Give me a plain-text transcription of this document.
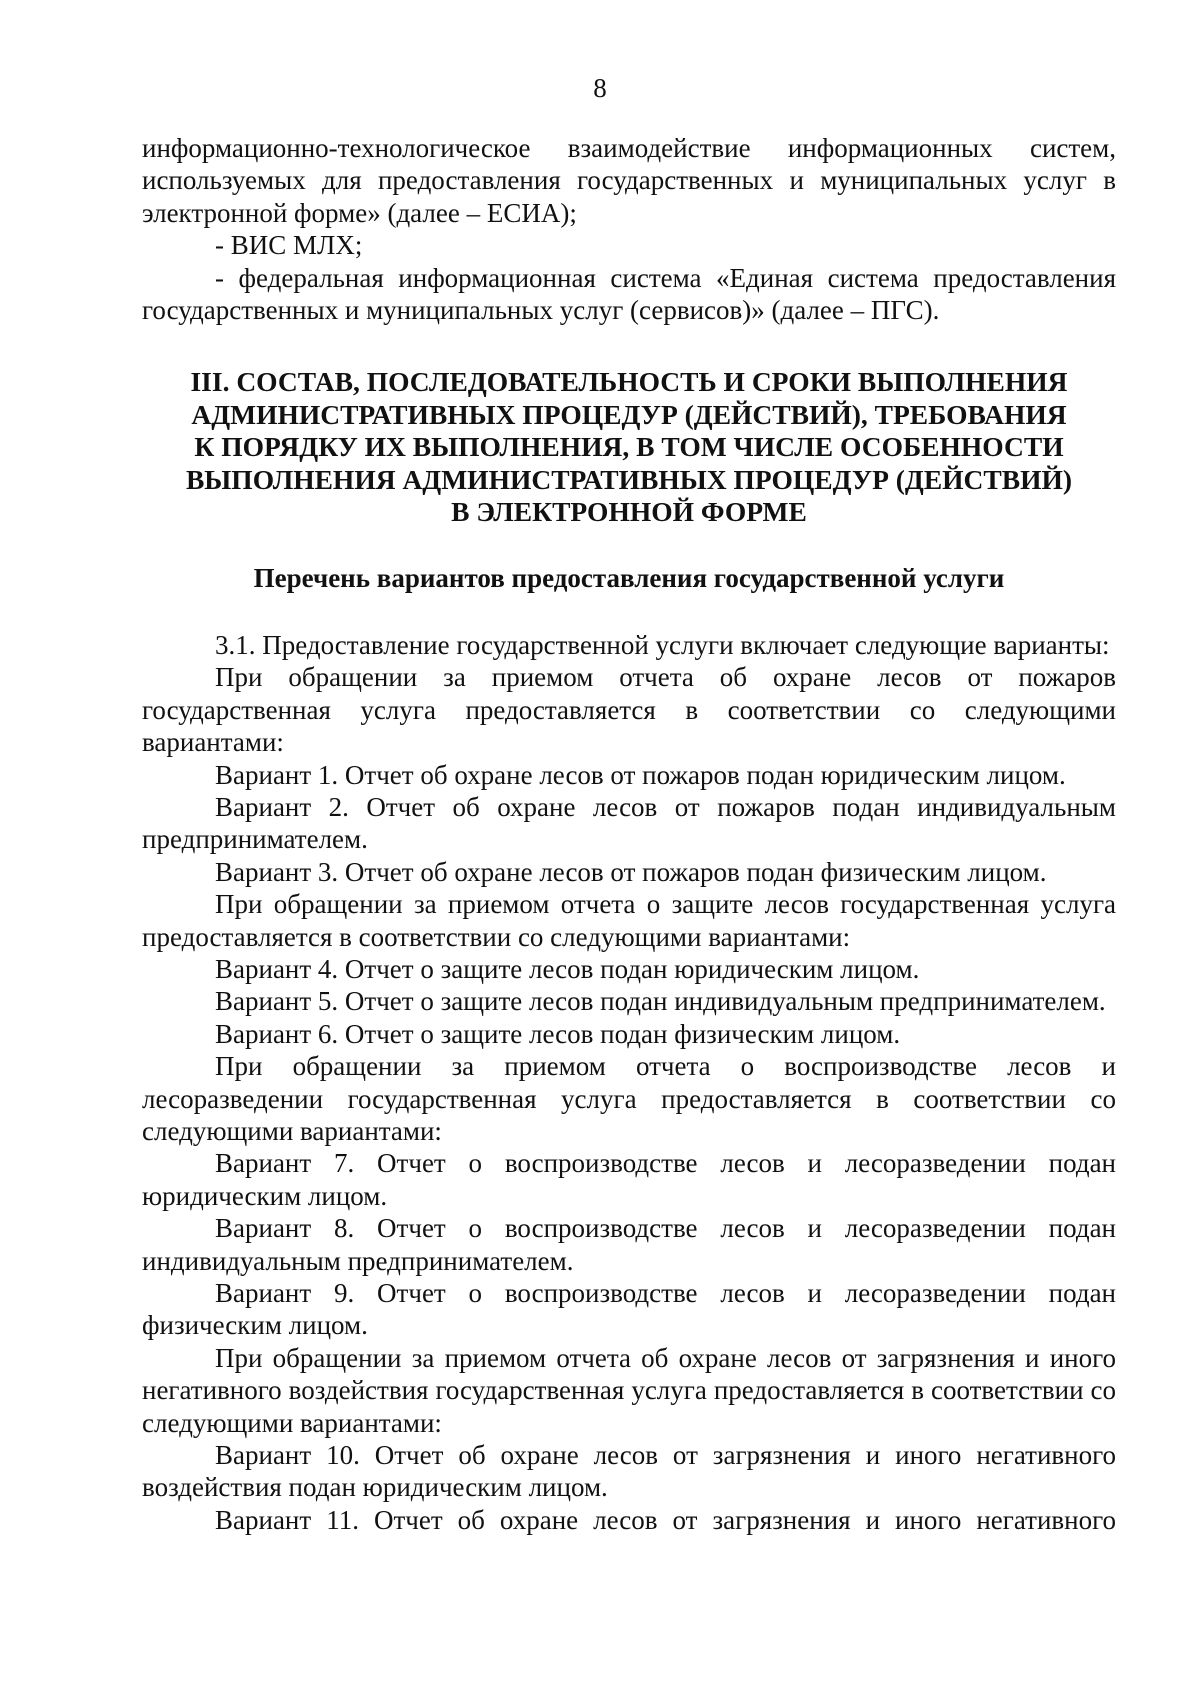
8

информационно-технологическое взаимодействие информационных систем, используемых для предоставления государственных и муниципальных услуг в электронной форме» (далее – ЕСИА);

- ВИС МЛХ;

- федеральная информационная система «Единая система предоставления государственных и муниципальных услуг (сервисов)» (далее – ПГС).

III. СОСТАВ, ПОСЛЕДОВАТЕЛЬНОСТЬ И СРОКИ ВЫПОЛНЕНИЯ
АДМИНИСТРАТИВНЫХ ПРОЦЕДУР (ДЕЙСТВИЙ), ТРЕБОВАНИЯ
К ПОРЯДКУ ИХ ВЫПОЛНЕНИЯ, В ТОМ ЧИСЛЕ ОСОБЕННОСТИ
ВЫПОЛНЕНИЯ АДМИНИСТРАТИВНЫХ ПРОЦЕДУР (ДЕЙСТВИЙ)
В ЭЛЕКТРОННОЙ ФОРМЕ
Перечень вариантов предоставления государственной услуги

3.1. Предоставление государственной услуги включает следующие варианты:

При обращении за приемом отчета об охране лесов от пожаров государственная услуга предоставляется в соответствии со следующими вариантами:

Вариант 1. Отчет об охране лесов от пожаров подан юридическим лицом.

Вариант 2. Отчет об охране лесов от пожаров подан индивидуальным предпринимателем.

Вариант 3. Отчет об охране лесов от пожаров подан физическим лицом.

При обращении за приемом отчета о защите лесов государственная услуга предоставляется в соответствии со следующими вариантами:

Вариант 4. Отчет о защите лесов подан юридическим лицом.

Вариант 5. Отчет о защите лесов подан индивидуальным предпринимателем.

Вариант 6. Отчет о защите лесов подан физическим лицом.

При обращении за приемом отчета о воспроизводстве лесов и лесоразведении государственная услуга предоставляется в соответствии со следующими вариантами:

Вариант 7. Отчет о воспроизводстве лесов и лесоразведении подан юридическим лицом.

Вариант 8. Отчет о воспроизводстве лесов и лесоразведении подан индивидуальным предпринимателем.

Вариант 9. Отчет о воспроизводстве лесов и лесоразведении подан физическим лицом.

При обращении за приемом отчета об охране лесов от загрязнения и иного негативного воздействия государственная услуга предоставляется в соответствии со следующими вариантами:

Вариант 10. Отчет об охране лесов от загрязнения и иного негативного воздействия подан юридическим лицом.

Вариант 11. Отчет об охране лесов от загрязнения и иного негативного
